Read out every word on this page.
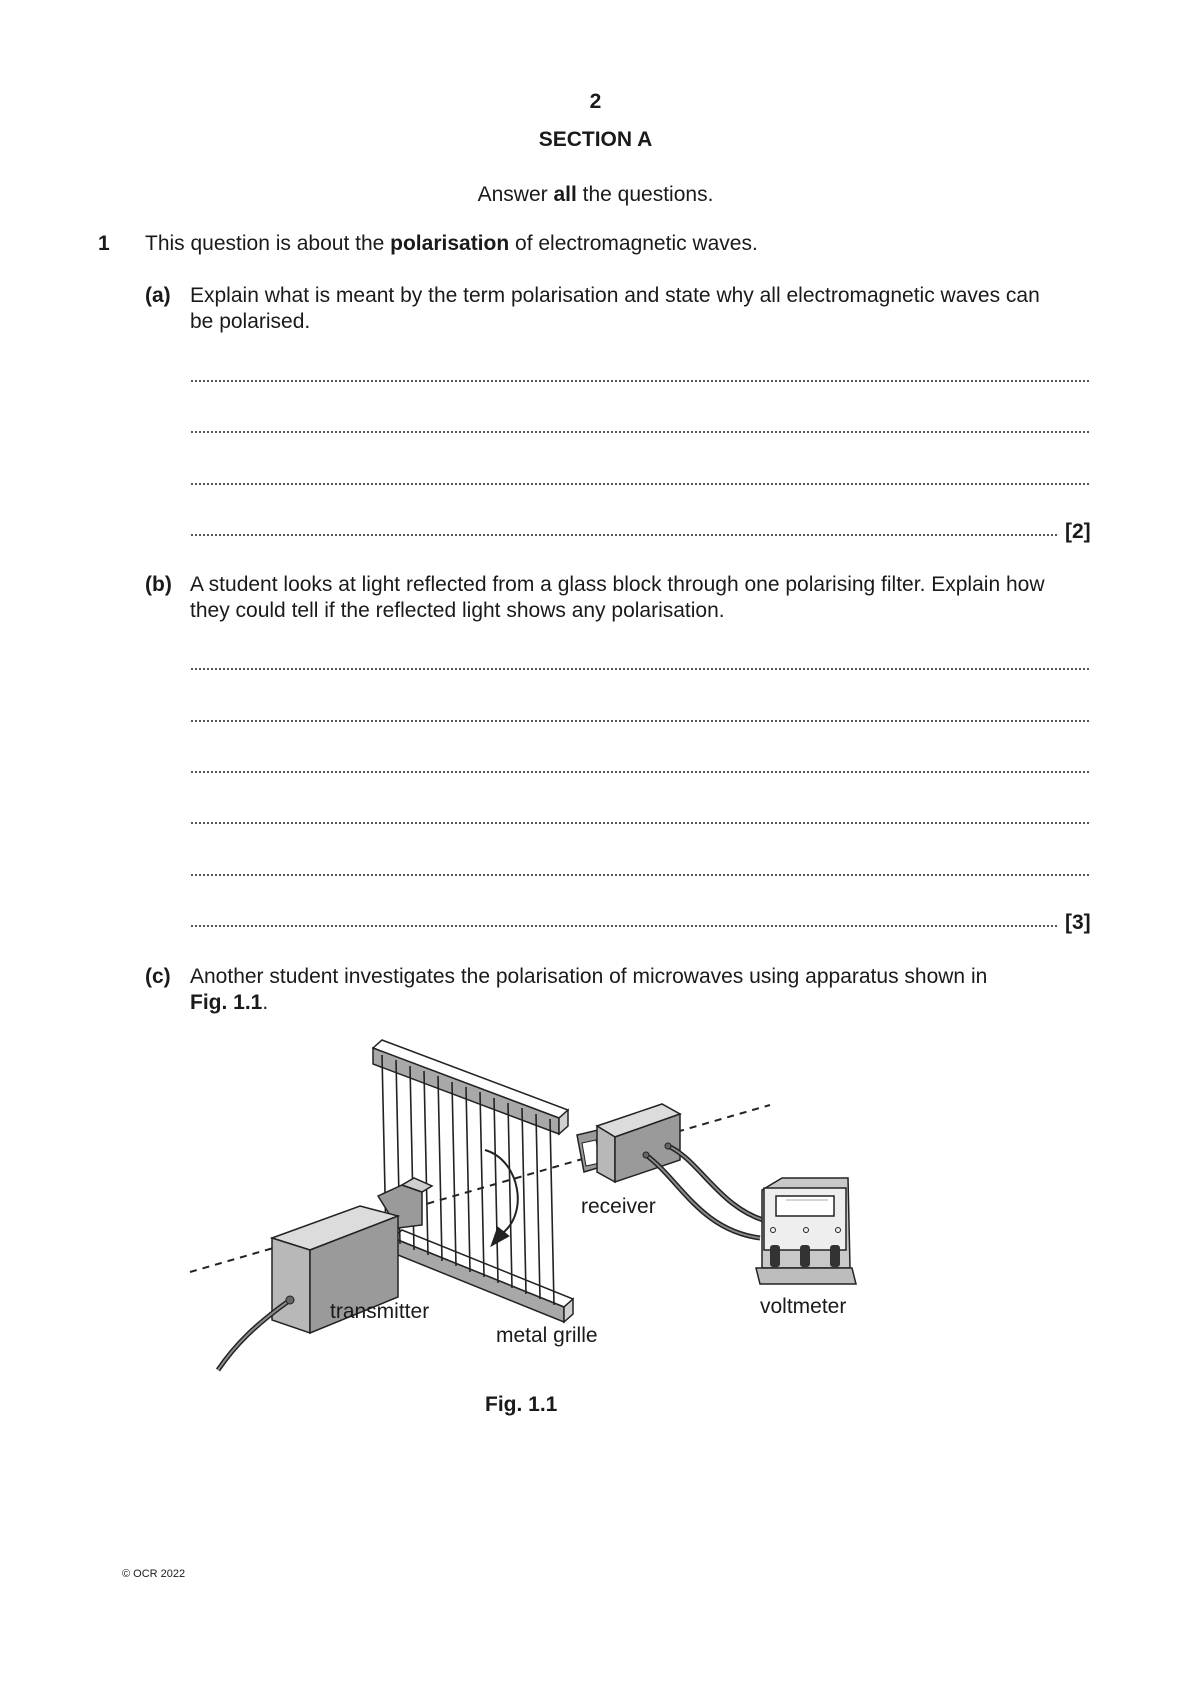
2
SECTION A
Answer all the questions.
1 This question is about the polarisation of electromagnetic waves.
(a) Explain what is meant by the term polarisation and state why all electromagnetic waves can
be polarised.
[2]
(b) A student looks at light reflected from a glass block through one polarising filter. Explain how
they could tell if the reflected light shows any polarisation.
[3]
(c) Another student investigates the polarisation of microwaves using apparatus shown in
Fig. 1.1.
receiver
transmitter
metal grille
voltmeter
Fig. 1.1
© OCR 2022
